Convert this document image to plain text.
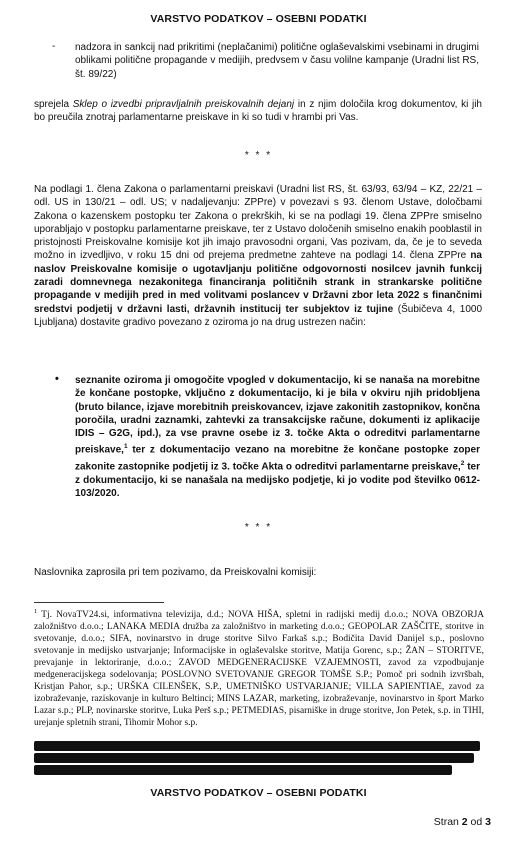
VARSTVO PODATKOV – OSEBNI PODATKI
- nadzora in sankcij nad prikritimi (neplačanimi) politične oglaševalskimi vsebinami in drugimi oblikami politične propagande v medijih, predvsem v času volilne kampanje (Uradni list RS, št. 89/22)
sprejela Sklep o izvedbi pripravljalnih preiskovalnih dejanj in z njim določila krog dokumentov, ki jih bo preučila znotraj parlamentarne preiskave in ki so tudi v hrambi pri Vas.
* * *
Na podlagi 1. člena Zakona o parlamentarni preiskavi (Uradni list RS, št. 63/93, 63/94 – KZ, 22/21 – odl. US in 130/21 – odl. US; v nadaljevanju: ZPPre) v povezavi s 93. členom Ustave, določbami Zakona o kazenskem postopku ter Zakona o prekrških, ki se na podlagi 19. člena ZPPre smiselno uporabljajo v postopku parlamentarne preiskave, ter z Ustavo določenih smiselno enakih pooblastil in pristojnosti Preiskovalne komisije kot jih imajo pravosodni organi, Vas pozivam, da, če je to seveda možno in izvedljivo, v roku 15 dni od prejema predmetne zahteve na podlagi 14. člena ZPPre na naslov Preiskovalne komisije o ugotavljanju politične odgovornosti nosilcev javnih funkcij zaradi domnevnega nezakonitega financiranja političnih strank in strankarske politične propagande v medijih pred in med volitvami poslancev v Državni zbor leta 2022 s finančnimi sredstvi podjetij v državni lasti, državnih institucij ter subjektov iz tujine (Šubičeva 4, 1000 Ljubljana) dostavite gradivo povezano z oziroma jo na drug ustrezen način:
• seznanite oziroma ji omogočite vpogled v dokumentacijo, ki se nanaša na morebitne že končane postopke, vključno z dokumentacijo, ki je bila v okviru njih pridobljena (bruto bilance, izjave morebitnih preiskovancev, izjave zakonitih zastopnikov, končna poročila, uradni zaznamki, zahtevki za transakcijske račune, dokumenti iz aplikacije IDIS – G2G, ipd.), za vse pravne osebe iz 3. točke Akta o odreditvi parlamentarne preiskave,$^1$ ter z dokumentacijo vezano na morebitne že končane postopke zoper zakonite zastopnike podjetij iz 3. točke Akta o odreditvi parlamentarne preiskave,$^2$ ter z dokumentacijo, ki se nanašala na medijsko podjetje, ki jo vodite pod številko 0612-103/2020.
* * *
Naslovnika zaprosila pri tem pozivamo, da Preiskovalni komisiji:
$^1$ Tj. NovaTV24.si, informativna televizija, d.d.; NOVA HIŠA, spletni in radijski medij d.o.o.; NOVA OBZORJA založništvo d.o.o.; LANAKA MEDIA družba za založništvo in marketing d.o.o.; GEOPOLAR ZAŠČITE, storitve in svetovanje, d.o.o.; SIFA, novinarstvo in druge storitve Silvo Farkaš s.p.; Bodičita David Danijel s.p., poslovno svetovanje in medijsko ustvarjanje; Informacijske in oglaševalske storitve, Matija Gorenc, s.p.; ŽAN – STORITVE, prevajanje in lektoriranje, d.o.o.; ZAVOD MEDGENERACIJSKE VZAJEMNOSTI, zavod za vzpodbujanje medgeneracijskega sodelovanja; POSLOVNO SVETOVANJE GREGOR TOMŠE S.P.; Pomoč pri sodnih izvršbah, Kristjan Pahor, s.p.; URŠKA CILENŠEK, S.P., UMETNIŠKO USTVARJANJE; VILLA SAPIENTIAE, zavod za izobraževanje, raziskovanje in kulturo Beltinci; MINS LAZAR, marketing, izobraževanje, novinarstvo in šport Marko Lazar s.p.; PLP, novinarske storitve, Luka Perš s.p.; PETMEDIAS, pisarniške in druge storitve, Jon Petek, s.p. in TIHI, urejanje spletnih strani, Tihomir Mohor s.p.
VARSTVO PODATKOV – OSEBNI PODATKI
Stran 2 od 3
